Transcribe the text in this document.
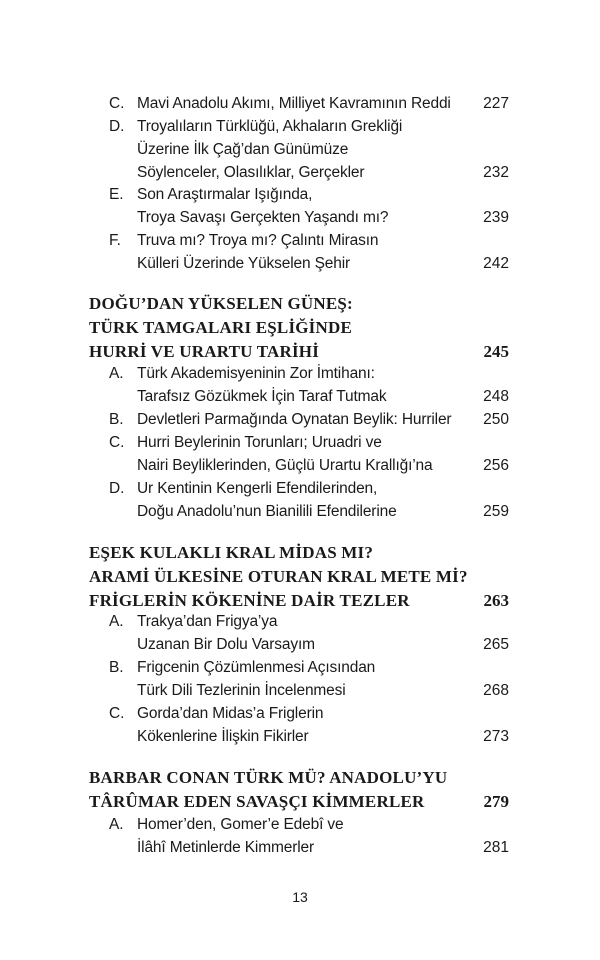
C. Mavi Anadolu Akımı, Milliyet Kavramının Reddi 227
D. Troyalıların Türklüğü, Akhaların Grekliği
Üzerine İlk Çağ’dan Günümüze
Söylenceler, Olasılıklar, Gerçekler	232
E. Son Araştırmalar Işığında,
Troya Savaşı Gerçekten Yaşandı mı?	239
F. Truva mı? Troya mı? Çalıntı Mirasın
Külleri Üzerinde Yükselen Şehir	242
DOĞU’DAN YÜKSELEN GÜNEŞ:
TÜRK TAMGALARI EŞLİĞİNDE
HURRİ VE URARTU TARİHİ	245
A. Türk Akademisyeninin Zor İmtihanı:
Tarafsız Gözükmek İçin Taraf Tutmak	248
B. Devletleri Parmağında Oynatan Beylik: Hurriler 250
C. Hurri Beylerinin Torunları; Uruadri ve
Nairi Beyliklerinden, Güçlü Urartu Krallığı’na	256
D. Ur Kentinin Kengerli Efendilerinden,
Doğu Anadolu’nun Bianilili Efendilerine	259
EŞEK KULAKLI KRAL MİDAS MI?
ARAMİ ÜLKESİNE OTURAN KRAL METE Mİ?
FRİGLERİN KÖKENİNE DAİR TEZLER	263
A. Trakya’dan Frigya’ya
Uzanan Bir Dolu Varsayım	265
B. Frigcenin Çözümlenmesi Açısından
Türk Dili Tezlerinin İncelenmesi	268
C. Gorda’dan Midas’a Friglerin
Kökenlerine İlişkin Fikirler	273
BARBAR CONAN TÜRK MÜ? ANADOLU’YU
TÂRÛMAR EDEN SAVAŞÇI KİMMERLER	279
A. Homer’den, Gomer’e Edebî ve
İlâhî Metinlerde Kimmerler	281
13
